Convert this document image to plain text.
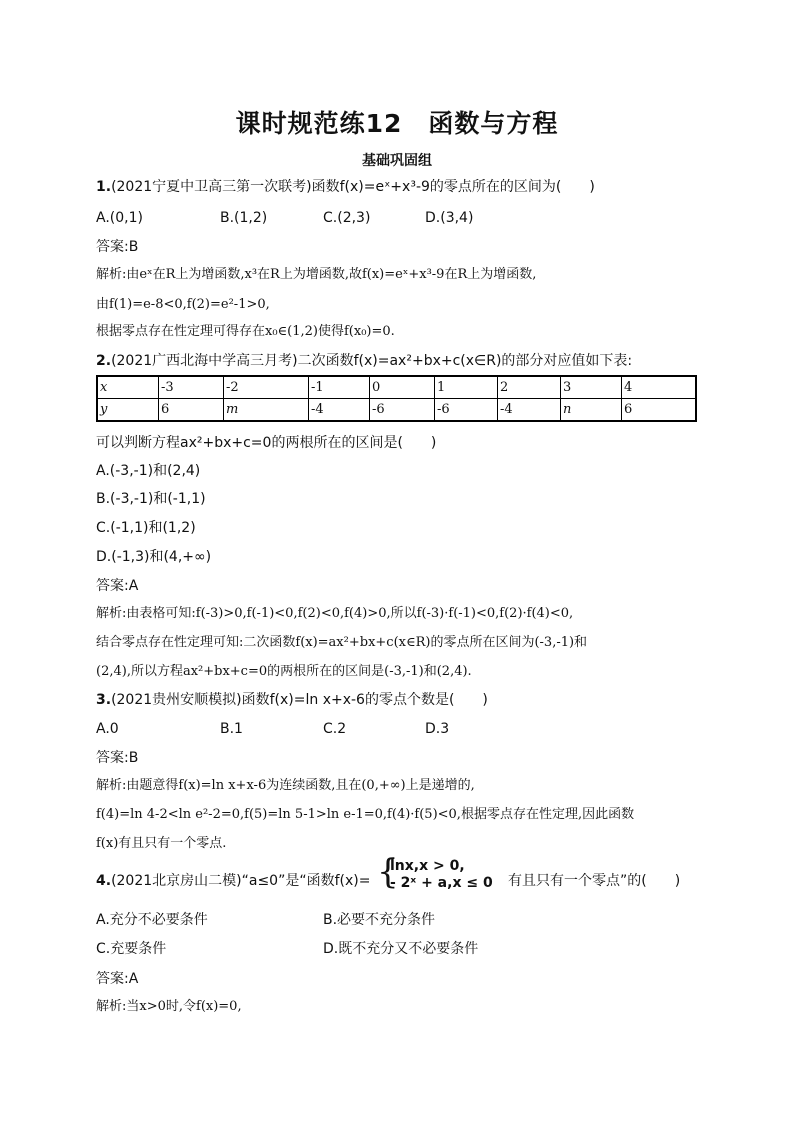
课时规范练12　函数与方程
基础巩固组
1.(2021宁夏中卫高三第一次联考)函数f(x)=eˣ+x³-9的零点所在的区间为(　　)
A.(0,1)	B.(1,2)	C.(2,3)	D.(3,4)
答案:B
解析:由eˣ在R上为增函数,x³在R上为增函数,故f(x)=eˣ+x³-9在R上为增函数,
由f(1)=e-8<0,f(2)=e²-1>0,
根据零点存在性定理可得存在x₀∈(1,2)使得f(x₀)=0.
2.(2021广西北海中学高三月考)二次函数f(x)=ax²+bx+c(x∈R)的部分对应值如下表:
x	-3	-2	-1	0	1	2	3	4
y	6	m	-4	-6	-6	-4	n	6
可以判断方程ax²+bx+c=0的两根所在的区间是(　　)
A.(-3,-1)和(2,4)
B.(-3,-1)和(-1,1)
C.(-1,1)和(1,2)
D.(-1,3)和(4,+∞)
答案:A
解析:由表格可知:f(-3)>0,f(-1)<0,f(2)<0,f(4)>0,所以f(-3)·f(-1)<0,f(2)·f(4)<0,
结合零点存在性定理可知:二次函数f(x)=ax²+bx+c(x∈R)的零点所在区间为(-3,-1)和
(2,4),所以方程ax²+bx+c=0的两根所在的区间是(-3,-1)和(2,4).
3.(2021贵州安顺模拟)函数f(x)=ln x+x-6的零点个数是(　　)
A.0	B.1	C.2	D.3
答案:B
解析:由题意得f(x)=ln x+x-6为连续函数,且在(0,+∞)上是递增的,
f(4)=ln 4-2<ln e²-2=0,f(5)=ln 5-1>ln e-1=0,f(4)·f(5)<0,根据零点存在性定理,因此函数
f(x)有且只有一个零点.
4.(2021北京房山二模)“a≤0”是“函数f(x)= {
lnx,x > 0,
- 2ˣ + a,x ≤ 0 有且只有一个零点”的(　　)
A.充分不必要条件	B.必要不充分条件
C.充要条件	D.既不充分又不必要条件
答案:A
解析:当x>0时,令f(x)=0,
